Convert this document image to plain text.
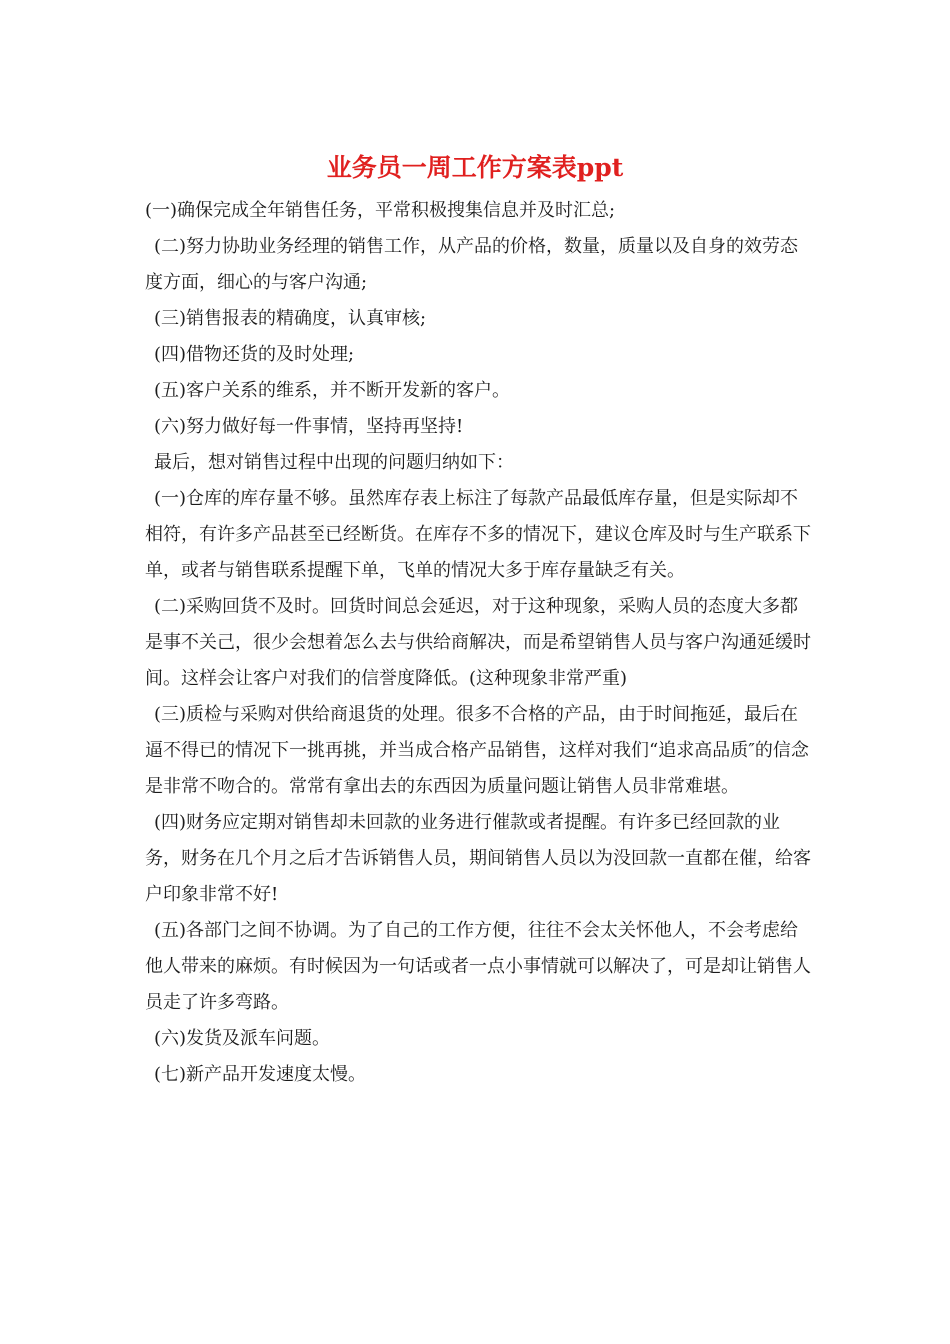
业务员一周工作方案表ppt

(一)确保完成全年销售任务，平常积极搜集信息并及时汇总;

(二)努力协助业务经理的销售工作，从产品的价格，数量，质量以及自身的效劳态度方面，细心的与客户沟通;

(三)销售报表的精确度，认真审核;

(四)借物还货的及时处理;

(五)客户关系的维系，并不断开发新的客户。

(六)努力做好每一件事情，坚持再坚持!

最后，想对销售过程中出现的问题归纳如下：

(一)仓库的库存量不够。虽然库存表上标注了每款产品最低库存量，但是实际却不相符，有许多产品甚至已经断货。在库存不多的情况下，建议仓库及时与生产联系下单，或者与销售联系提醒下单，飞单的情况大多于库存量缺乏有关。

(二)采购回货不及时。回货时间总会延迟，对于这种现象，采购人员的态度大多都是事不关己，很少会想着怎么去与供给商解决，而是希望销售人员与客户沟通延缓时间。这样会让客户对我们的信誉度降低。(这种现象非常严重)

(三)质检与采购对供给商退货的处理。很多不合格的产品，由于时间拖延，最后在逼不得已的情况下一挑再挑，并当成合格产品销售，这样对我们“追求高品质″的信念是非常不吻合的。常常有拿出去的东西因为质量问题让销售人员非常难堪。

(四)财务应定期对销售却未回款的业务进行催款或者提醒。有许多已经回款的业务，财务在几个月之后才告诉销售人员，期间销售人员以为没回款一直都在催，给客户印象非常不好!

(五)各部门之间不协调。为了自己的工作方便，往往不会太关怀他人，不会考虑给他人带来的麻烦。有时候因为一句话或者一点小事情就可以解决了，可是却让销售人员走了许多弯路。

(六)发货及派车问题。

(七)新产品开发速度太慢。
